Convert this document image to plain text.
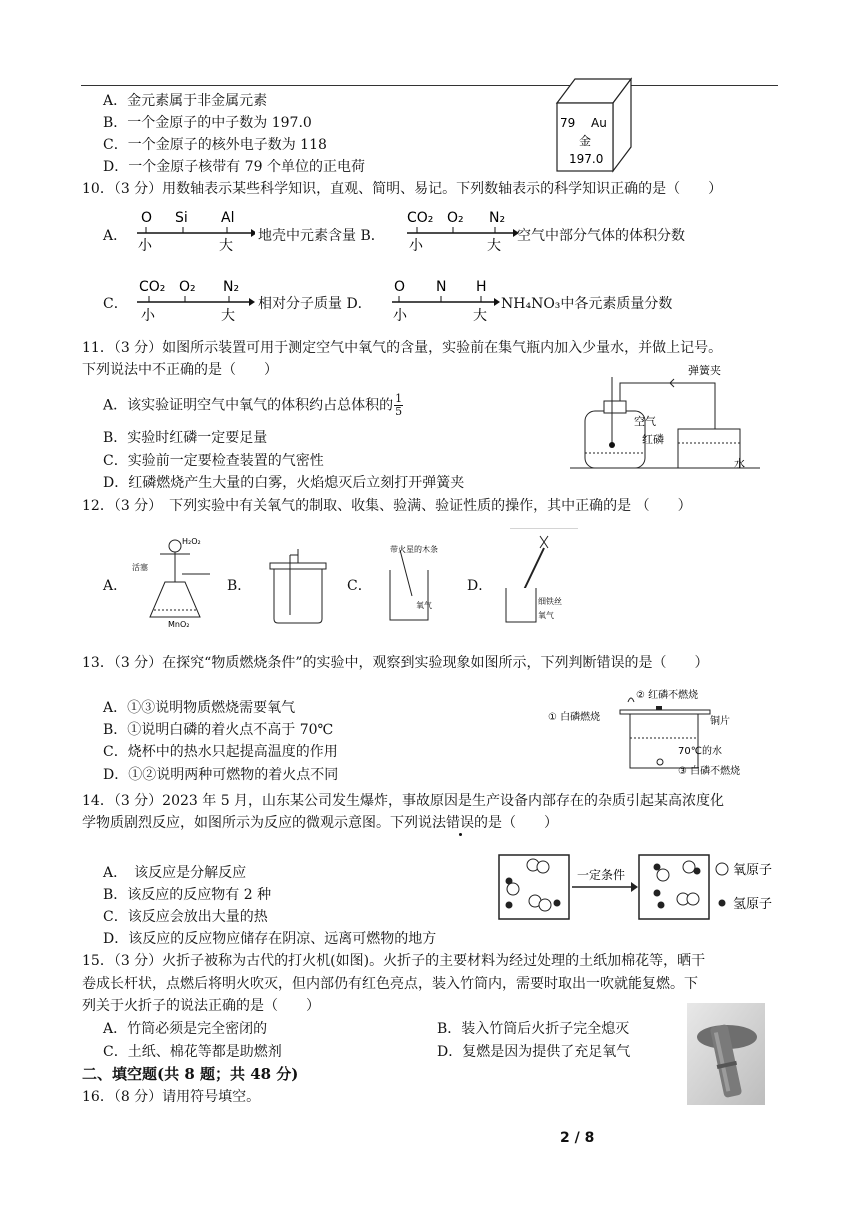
A．金元素属于非金属元素
B．一个金原子的中子数为 197.0
C．一个金原子的核外电子数为 118
D．一个金原子核带有 79 个单位的正电荷
79 Au
金
197.0
10．（3 分）用数轴表示某些科学知识，直观、简明、易记。下列数轴表示的科学知识正确的是（　　）
A．
O Si Al
小	大
地壳中元素含量 B．
CO₂ O₂ N₂
小	大
空气中部分气体的体积分数
C．
CO₂ O₂ N₂
小	大
相对分子质量 D．
O N H
小	大
NH₄NO₃中各元素质量分数
11．（3 分）如图所示装置可用于测定空气中氧气的含量，实验前在集气瓶内加入少量水，并做上记号。
下列说法中不正确的是（　　）
A．该实验证明空气中氧气的体积约占总体积的 $\frac{1}{5}$
B．实验时红磷一定要足量
C．实验前一定要检查装置的气密性
D．红磷燃烧产生大量的白雾，火焰熄灭后立刻打开弹簧夹
弹簧夹
空气
红磷
水
12．（3 分）　下列实验中有关氧气的制取、收集、验满、验证性质的操作，其中正确的是 （　　）
A．
H₂O₂
活塞
MnO₂
B．	C．
带火星的木条
氧气
D．
细铁丝
氧气
13．（3 分）在探究“物质燃烧条件”的实验中，观察到实验现象如图所示，下列判断错误的是（　　）
A．①③说明物质燃烧需要氧气
B．①说明白磷的着火点不高于 70℃
C．烧杯中的热水只起提高温度的作用
D．①②说明两种可燃物的着火点不同
② 红磷不燃烧
① 白磷燃烧	铜片
70℃的水
③ 白磷不燃烧
14．（3 分）2023 年 5 月，山东某公司发生爆炸，事故原因是生产设备内部存在的杂质引起某高浓度化
学物质剧烈反应，如图所示为反应的微观示意图。下列说法错误的是（　　）
A．　该反应是分解反应
B．该反应的反应物有 2 种
C．该反应会放出大量的热
D．该反应的反应物应储存在阴凉、远离可燃物的地方
一定条件	氧原子
氢原子
15．（3 分）火折子被称为古代的打火机(如图)。火折子的主要材料为经过处理的土纸加棉花等，晒干
卷成长杆状，点燃后将明火吹灭，但内部仍有红色亮点，装入竹筒内，需要时取出一吹就能复燃。下
列关于火折子的说法正确的是（　　）
A．竹筒必须是完全密闭的	B．装入竹筒后火折子完全熄灭
C．土纸、棉花等都是助燃剂	D．复燃是因为提供了充足氧气
二、填空题(共 8 题；共 48 分)
16．（8 分）请用符号填空。
2 / 8
